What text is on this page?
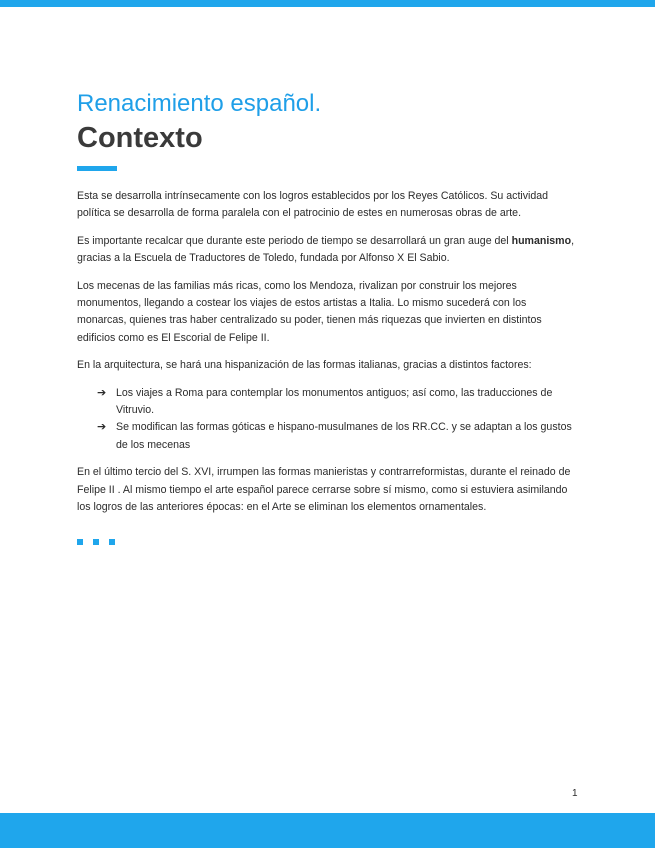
Renacimiento español.
Contexto

Esta se desarrolla intrínsecamente con los logros establecidos por los Reyes Católicos. Su actividad política se desarrolla de forma paralela con el patrocinio de estes en numerosas obras de arte.

Es importante recalcar que durante este periodo de tiempo se desarrollará un gran auge del humanismo, gracias a la Escuela de Traductores de Toledo, fundada por Alfonso X El Sabio.

Los mecenas de las familias más ricas, como los Mendoza, rivalizan por construir los mejores monumentos, llegando a costear los viajes de estos artistas a Italia. Lo mismo sucederá con los monarcas, quienes tras haber centralizado su poder, tienen más riquezas que invierten en distintos edificios como es El Escorial de Felipe II.

En la arquitectura, se hará una hispanización de las formas italianas, gracias a distintos factores:

➔ Los viajes a Roma para contemplar los monumentos antiguos; así como, las traducciones de Vitruvio.
➔ Se modifican las formas góticas e hispano-musulmanes de los RR.CC. y se adaptan a los gustos de los mecenas

En el último tercio del S. XVI, irrumpen las formas manieristas y contrarreformistas, durante el reinado de Felipe II . Al mismo tiempo el arte español parece cerrarse sobre sí mismo, como si estuviera asimilando los logros de las anteriores épocas: en el Arte se eliminan los elementos ornamentales.

1
